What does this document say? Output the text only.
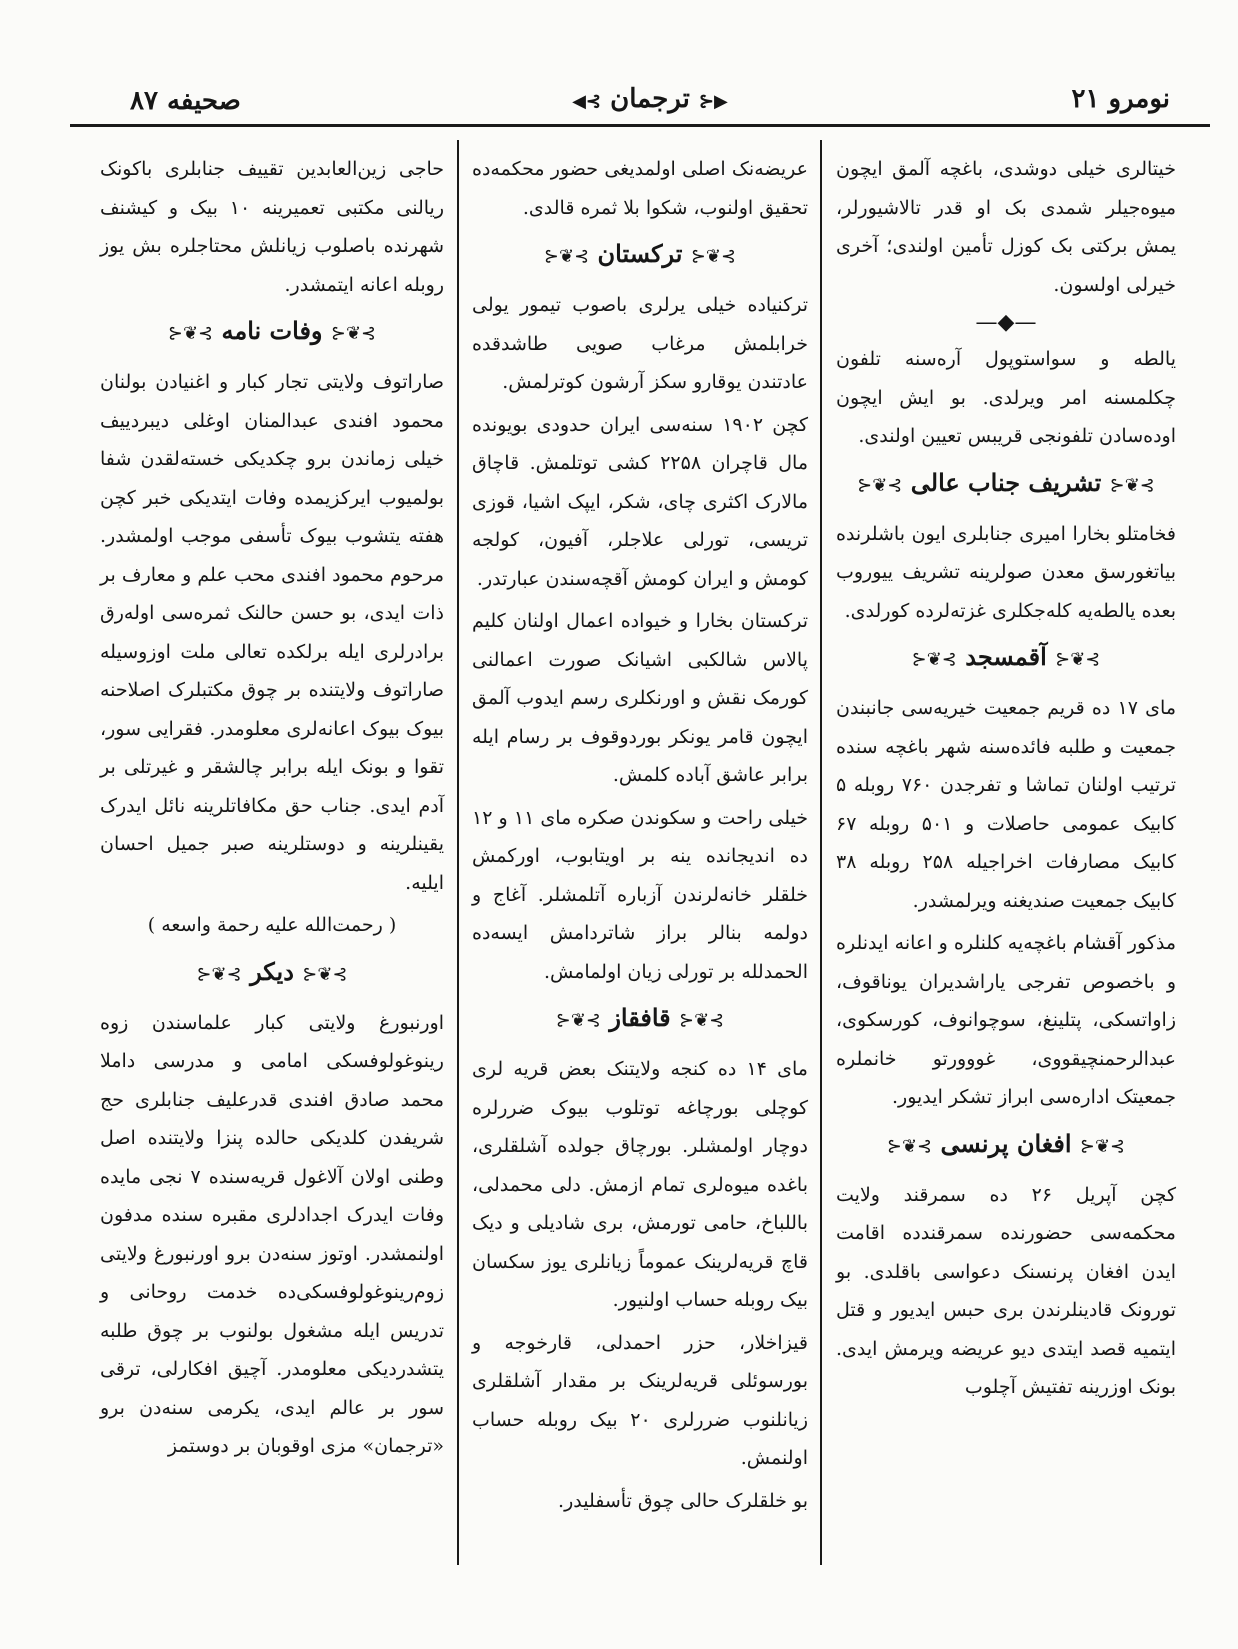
صحیفه ۸۷	◀⊰ ترجمان ⊱▶	نومرو ۲۱

خیتالری خیلی دوشدی، باغچه آلمق ایچون میوه‌جیلر شمدی بک او قدر تالاشیورلر، یمش برکتی بک کوزل تأمین اولندی؛ آخری خیرلی اولسون.

—◆—

یالطه و سواستوپول آره‌سنه تلفون چکلمسنه امر ویرلدی. بو ایش ایچون اوده‌سادن تلفونجی قریبس تعیین اولندی.

⊱❦⊰ تشریف جناب عالی ⊱❦⊰

فخامتلو بخارا امیری جنابلری ایون باشلرنده بیاتغورسق معدن صولرینه تشریف ییوروب بعده یالطه‌یه کله‌جکلری غزته‌لرده کورلدی.

⊱❦⊰ آقمسجد ⊱❦⊰

مای ۱۷ ده قریم جمعیت خیریه‌سی جانبندن جمعیت و طلبه فائده‌سنه شهر باغچه سنده ترتیب اولنان تماشا و تفرجدن ۷۶۰ روبله ۵ کابیک عمومی حاصلات و ۵۰۱ روبله ۶۷ کابیک مصارفات اخراجیله ۲۵۸ روبله ۳۸ کابیک جمعیت صندیغنه ویرلمشدر.

مذکور آقشام باغچه‌یه کلنلره و اعانه ایدنلره و باخصوص تفرجی یاراشدیران یوناقوف، زاواتسکی، پتلینغ، سوچوانوف، کورسکوی، عبدالرحمنچیقووی، غووورتو خانملره جمعیتک اداره‌سی ابراز تشکر ایدیور.

⊱❦⊰ افغان پرنسی ⊱❦⊰

کچن آپریل ۲۶ ده سمرقند ولایت محکمه‌سی حضورنده سمرقندده اقامت ایدن افغان پرنسنک دعواسی باقلدی. بو تورونک قادینلرندن بری حبس ایدیور و قتل ایتمیه قصد ایتدی دیو عریضه ویرمش ایدی. بونک اوزرینه تفتیش آچلوب

عریضه‌نک اصلی اولمدیغی حضور محکمه‌ده تحقیق اولنوب، شکوا بلا ثمره قالدی.

⊱❦⊰ ترکستان ⊱❦⊰

ترکنیاده خیلی یرلری باصوب تیمور یولی خرابلمش مرغاب صویی طاشدقده عادتندن یوقارو سکز آرشون کوترلمش.

کچن ۱۹۰۲ سنه‌سی ایران حدودی بویونده مال قاچران ۲۲۵۸ کشی توتلمش. قاچاق مالارک اکثری چای، شکر، ایپک اشیا، قوزی تریسی، تورلی علاجلر، آفیون، کولجه کومش و ایران کومش آقچه‌سندن عبارتدر.

ترکستان بخارا و خیواده اعمال اولنان کلیم پالاس شالکبی اشیانک صورت اعمالنی کورمک نقش و اورنکلری رسم ایدوب آلمق ایچون قامر یونکر بوردوقوف بر رسام ایله برابر عاشق آباده کلمش.

خیلی راحت و سکوندن صکره مای ۱۱ و ۱۲ ده اندیجانده ینه بر اویتابوب، اورکمش خلقلر خانه‌لرندن آزباره آتلمشلر. آغاج و دولمه بنالر براز شاتردامش ایسه‌ده الحمدلله بر تورلی زیان اولمامش.

⊱❦⊰ قافقاز ⊱❦⊰

مای ۱۴ ده کنجه ولایتنک بعض قریه لری کوچلی بورچاغه توتلوب بیوک ضررلره دوچار اولمشلر. بورچاق جولده آشلقلری، باغده میوه‌لری تمام ازمش. دلی محمدلی، باللباخ، حامی تورمش، بری شادیلی و دیک قاچ قریه‌لرینک عموماً زیانلری یوز سکسان بیک روبله حساب اولنیور.

قیزاخلار، حزر احمدلی، قارخوجه و بورسوئلی قریه‌لرینک بر مقدار آشلقلری زیانلنوب ضررلری ۲۰ بیک روبله حساب اولنمش.

بو خلقلرک حالی چوق تأسفلیدر.

حاجی زین‌العابدین تقییف جنابلری باکونک ریالنی مکتبی تعمیرینه ۱۰ بیک و کیشنف شهرنده باصلوب زیانلش محتاجلره بش یوز روبله اعانه ایتمشدر.

⊱❦⊰ وفات نامه ⊱❦⊰

صاراتوف ولایتی تجار کبار و اغنیادن بولنان محمود افندی عبدالمنان اوغلی دیبردییف خیلی زماندن برو چکدیکی خسته‌لقدن شفا بولمیوب ایرکزیمده وفات ایتدیکی خبر کچن هفته یتشوب بیوک تأسفی موجب اولمشدر. مرحوم محمود افندی محب علم و معارف بر ذات ایدی، بو حسن حالنک ثمره‌سی اوله‌رق برادرلری ایله برلکده تعالی ملت اوزوسیله صاراتوف ولایتنده بر چوق مکتبلرک اصلاحنه بیوک بیوک اعانه‌لری معلومدر. فقرایی سور، تقوا و بونک ایله برابر چالشقر و غیرتلی بر آدم ایدی. جناب حق مکافاتلرینه نائل ایدرک یقینلرینه و دوستلرینه صبر جمیل احسان ایلیه.

( رحمت‌الله علیه رحمة واسعه )

⊱❦⊰ دیکر ⊱❦⊰

اورنبورغ ولایتی کبار علماسندن زوه رینوغولوفسکی امامی و مدرسی داملا محمد صادق افندی قدرعلیف جنابلری حج شریفدن کلدیکی حالده پنزا ولایتنده اصل وطنی اولان آلاغول قریه‌سنده ۷ نجی مایده وفات ایدرک اجدادلری مقبره سنده مدفون اولنمشدر. اوتوز سنه‌دن برو اورنبورغ ولایتی زوم‌رینوغولوفسکی‌ده خدمت روحانی و تدریس ایله مشغول بولنوب بر چوق طلبه یتشدردیکی معلومدر. آچیق افکارلی، ترقی سور بر عالم ایدی، یکرمی سنه‌دن برو «ترجمان» مزی اوقوبان بر دوستمز
